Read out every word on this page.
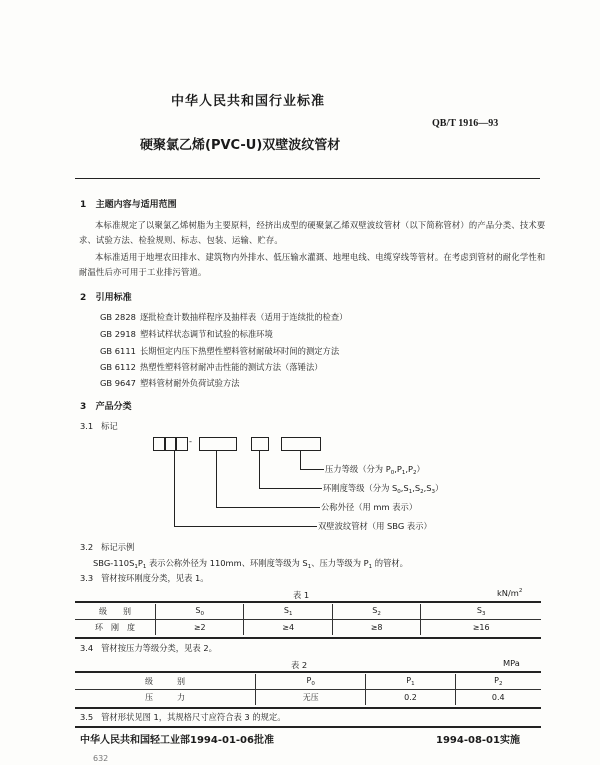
中华人民共和国行业标准
QB/T 1916—93
硬聚氯乙烯(PVC-U)双壁波纹管材
1 主题内容与适用范围
本标准规定了以聚氯乙烯树脂为主要原料，经挤出成型的硬聚氯乙烯双壁波纹管材（以下简称管材）的产品分类、技术要求、试验方法、检验规则、标志、包装、运输、贮存。
本标准适用于地埋农田排水、建筑物内外排水、低压输水灌溉、地埋电线、电缆穿线等管材。在考虑到管材的耐化学性和耐温性后亦可用于工业排污管道。
2 引用标准
GB 2828 逐批检查计数抽样程序及抽样表（适用于连续批的检查）
GB 2918 塑料试样状态调节和试验的标准环境
GB 6111 长期恒定内压下热塑性塑料管材耐破坏时间的测定方法
GB 6112 热塑性塑料管材耐冲击性能的测试方法（落锤法）
GB 9647 塑料管材耐外负荷试验方法
3 产品分类
3.1 标记
-
压力等级（分为 $P_0,P_1,P_2$）
环刚度等级（分为 $S_0,S_1,S_2,S_3$）
公称外径（用 mm 表示）
双壁波纹管材（用 SBG 表示）
3.2 标记示例
SBG-$110S_1P_1$ 表示公称外径为 110mm、环刚度等级为 $S_1$、压力等级为 $P_1$ 的管材。
3.3 管材按环刚度分类，见表 1。
表 1	$kN/m^2$
级　　别	$S_0$	$S_1$	$S_2$	$S_3$
环　刚　度	≥2	≥4	≥8	≥16
3.4 管材按压力等级分类，见表 2。
表 2	MPa
级　　　别	$P_0$	$P_1$	$P_2$
压　　　力	无压	0.2	0.4
3.5 管材形状见图 1，其规格尺寸应符合表 3 的规定。
中华人民共和国轻工业部1994-01-06批准	1994-08-01实施
632
